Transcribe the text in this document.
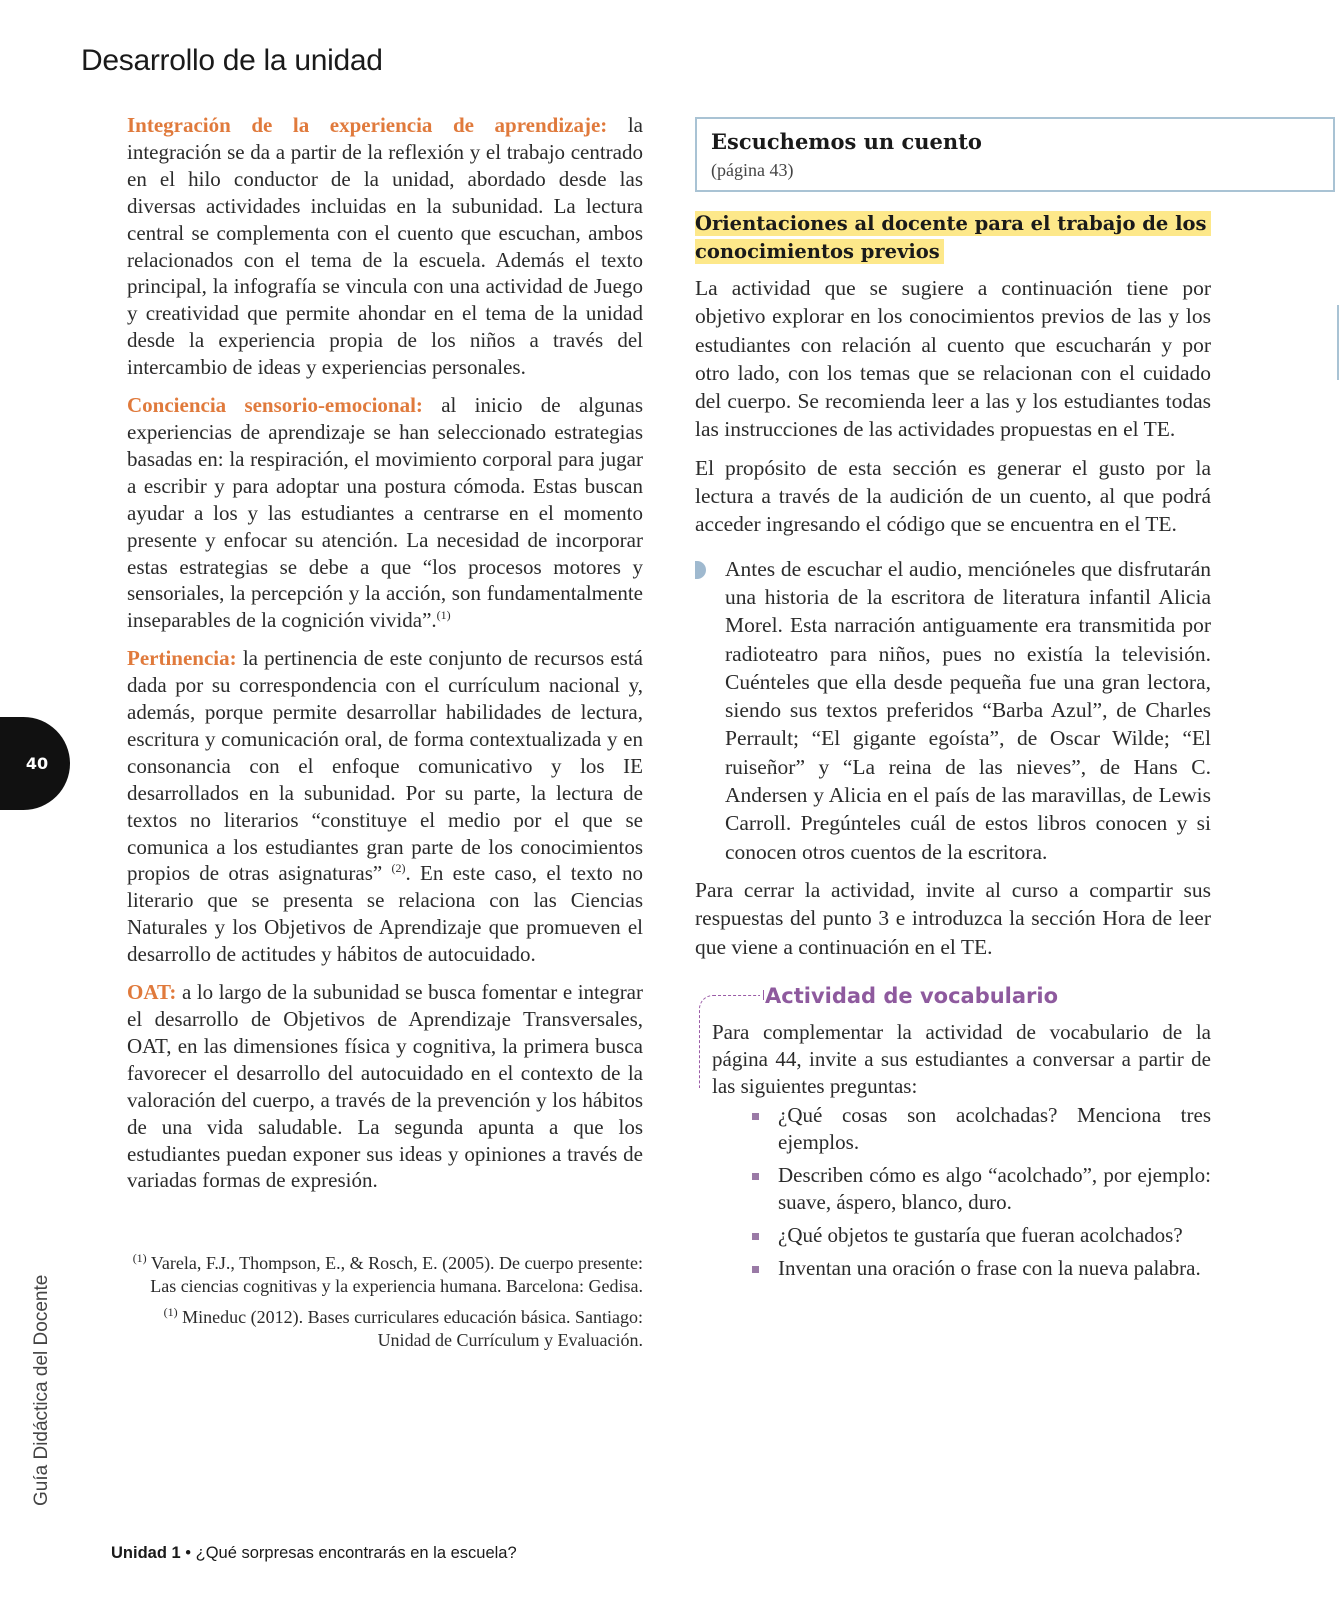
Desarrollo de la unidad

Integración de la experiencia de aprendizaje: la integración se da a partir de la reflexión y el trabajo centrado en el hilo conductor de la unidad, abordado desde las diversas actividades incluidas en la subunidad. La lectura central se complementa con el cuento que escuchan, ambos relacionados con el tema de la escuela. Además el texto principal, la infografía se vincula con una actividad de Juego y creatividad que permite ahondar en el tema de la unidad desde la experiencia propia de los niños a través del intercambio de ideas y experiencias personales.

Conciencia sensorio-emocional: al inicio de algunas experiencias de aprendizaje se han seleccionado estrategias basadas en: la respiración, el movimiento corporal para jugar a escribir y para adoptar una postura cómoda. Estas buscan ayudar a los y las estudiantes a centrarse en el momento presente y enfocar su atención. La necesidad de incorporar estas estrategias se debe a que “los procesos motores y sensoriales, la percepción y la acción, son fundamentalmente inseparables de la cognición vivida”.$^{(1)}$

Pertinencia: la pertinencia de este conjunto de recursos está dada por su correspondencia con el currículum nacional y, además, porque permite desarrollar habilidades de lectura, escritura y comunicación oral, de forma contextualizada y en consonancia con el enfoque comunicativo y los IE desarrollados en la subunidad. Por su parte, la lectura de textos no literarios “constituye el medio por el que se comunica a los estudiantes gran parte de los conocimientos propios de otras asignaturas” $^{(2)}$. En este caso, el texto no literario que se presenta se relaciona con las Ciencias Naturales y los Objetivos de Aprendizaje que promueven el desarrollo de actitudes y hábitos de autocuidado.

OAT: a lo largo de la subunidad se busca fomentar e integrar el desarrollo de Objetivos de Aprendizaje Transversales, OAT, en las dimensiones física y cognitiva, la primera busca favorecer el desarrollo del autocuidado en el contexto de la valoración del cuerpo, a través de la prevención y los hábitos de una vida saludable. La segunda apunta a que los estudiantes puedan exponer sus ideas y opiniones a través de variadas formas de expresión.

$^{(1)}$ Varela, F.J., Thompson, E., & Rosch, E. (2005). De cuerpo presente: Las ciencias cognitivas y la experiencia humana. Barcelona: Gedisa.

$^{(1)}$ Mineduc (2012). Bases curriculares educación básica. Santiago: Unidad de Currículum y Evaluación.

40
Guía Didáctica del Docente
Unidad 1 • ¿Qué sorpresas encontrarás en la escuela?
Escuchemos un cuento
(página 43)
Orientaciones al docente para el trabajo de los conocimientos previos

La actividad que se sugiere a continuación tiene por objetivo explorar en los conocimientos previos de las y los estudiantes con relación al cuento que escucharán y por otro lado, con los temas que se relacionan con el cuidado del cuerpo. Se recomienda leer a las y los estudiantes todas las instrucciones de las actividades propuestas en el TE.

El propósito de esta sección es generar el gusto por la lectura a través de la audición de un cuento, al que podrá acceder ingresando el código que se encuentra en el TE.

Antes de escuchar el audio, mencióneles que disfrutarán una historia de la escritora de literatura infantil Alicia Morel. Esta narración antiguamente era transmitida por radioteatro para niños, pues no existía la televisión. Cuénteles que ella desde pequeña fue una gran lectora, siendo sus textos preferidos “Barba Azul”, de Charles Perrault; “El gigante egoísta”, de Oscar Wilde; “El ruiseñor” y “La reina de las nieves”, de Hans C. Andersen y Alicia en el país de las maravillas, de Lewis Carroll. Pregúnteles cuál de estos libros conocen y si conocen otros cuentos de la escritora.

Para cerrar la actividad, invite al curso a compartir sus respuestas del punto 3 e introduzca la sección Hora de leer que viene a continuación en el TE.

Actividad de vocabulario
Para complementar la actividad de vocabulario de la página 44, invite a sus estudiantes a conversar a partir de las siguientes preguntas:
¿Qué cosas son acolchadas? Menciona tres ejemplos.
Describen cómo es algo “acolchado”, por ejemplo: suave, áspero, blanco, duro.
¿Qué objetos te gustaría que fueran acolchados?
Inventan una oración o frase con la nueva palabra.
